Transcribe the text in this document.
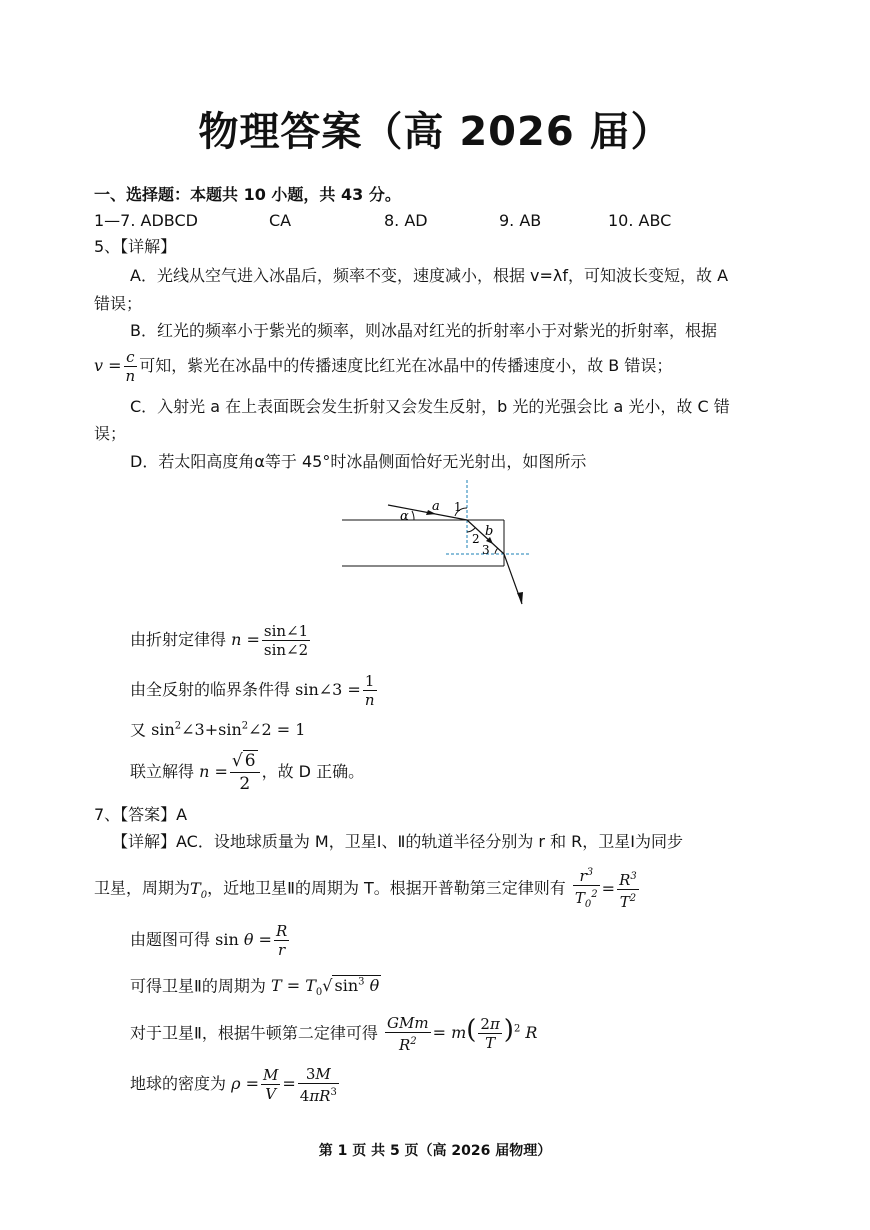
物理答案（高 2026 届）
一、选择题：本题共 10 小题，共 43 分。
1—7. ADBCD	CA	8. AD	9. AB	10. ABC
5、【详解】
A．光线从空气进入冰晶后，频率不变，速度减小，根据 v=λf，可知波长变短，故 A
错误；
B．红光的频率小于紫光的频率，则冰晶对红光的折射率小于对紫光的折射率，根据
$v = \frac{c}{n}$ 可知，紫光在冰晶中的传播速度比红光在冰晶中的传播速度小，故 B 错误；
C．入射光 a 在上表面既会发生折射又会发生反射，b 光的光强会比 a 光小，故 C 错
误；
D．若太阳高度角α等于 45°时冰晶侧面恰好无光射出，如图所示
α
a 1
b
2
3
由折射定律得 $n = \frac{\sin\angle 1}{\sin\angle 2}$
由全反射的临界条件得 sin∠3 = $\frac{1}{n}$
又 $\sin^2\angle 3+\sin^2\angle 2 = 1$
联立解得 $n = \frac{√ 6}{2}$ ，故 D 正确。
7、【答案】A
【详解】AC．设地球质量为 M，卫星Ⅰ、Ⅱ的轨道半径分别为 r 和 R，卫星Ⅰ为同步
卫星，周期为$T_0$，近地卫星Ⅱ的周期为 T。根据开普勒第三定律则有 $\frac{r^3}{T_0^2} = \frac{R^3}{T^2}$
由题图可得 $\sin \theta = \frac{R}{r}$
可得卫星Ⅱ的周期为 $T = T_0√$ $\sin^3 \theta$
对于卫星Ⅱ，根据牛顿第二定律可得 $\frac{\text{GMm}}{R^2} = m( \frac{2\pi}{T} )^2$ R
地球的密度为 $\rho = \frac{M}{V} = \frac{3M}{4\pi R^3}$
第 1 页 共 5 页（高 2026 届物理）
